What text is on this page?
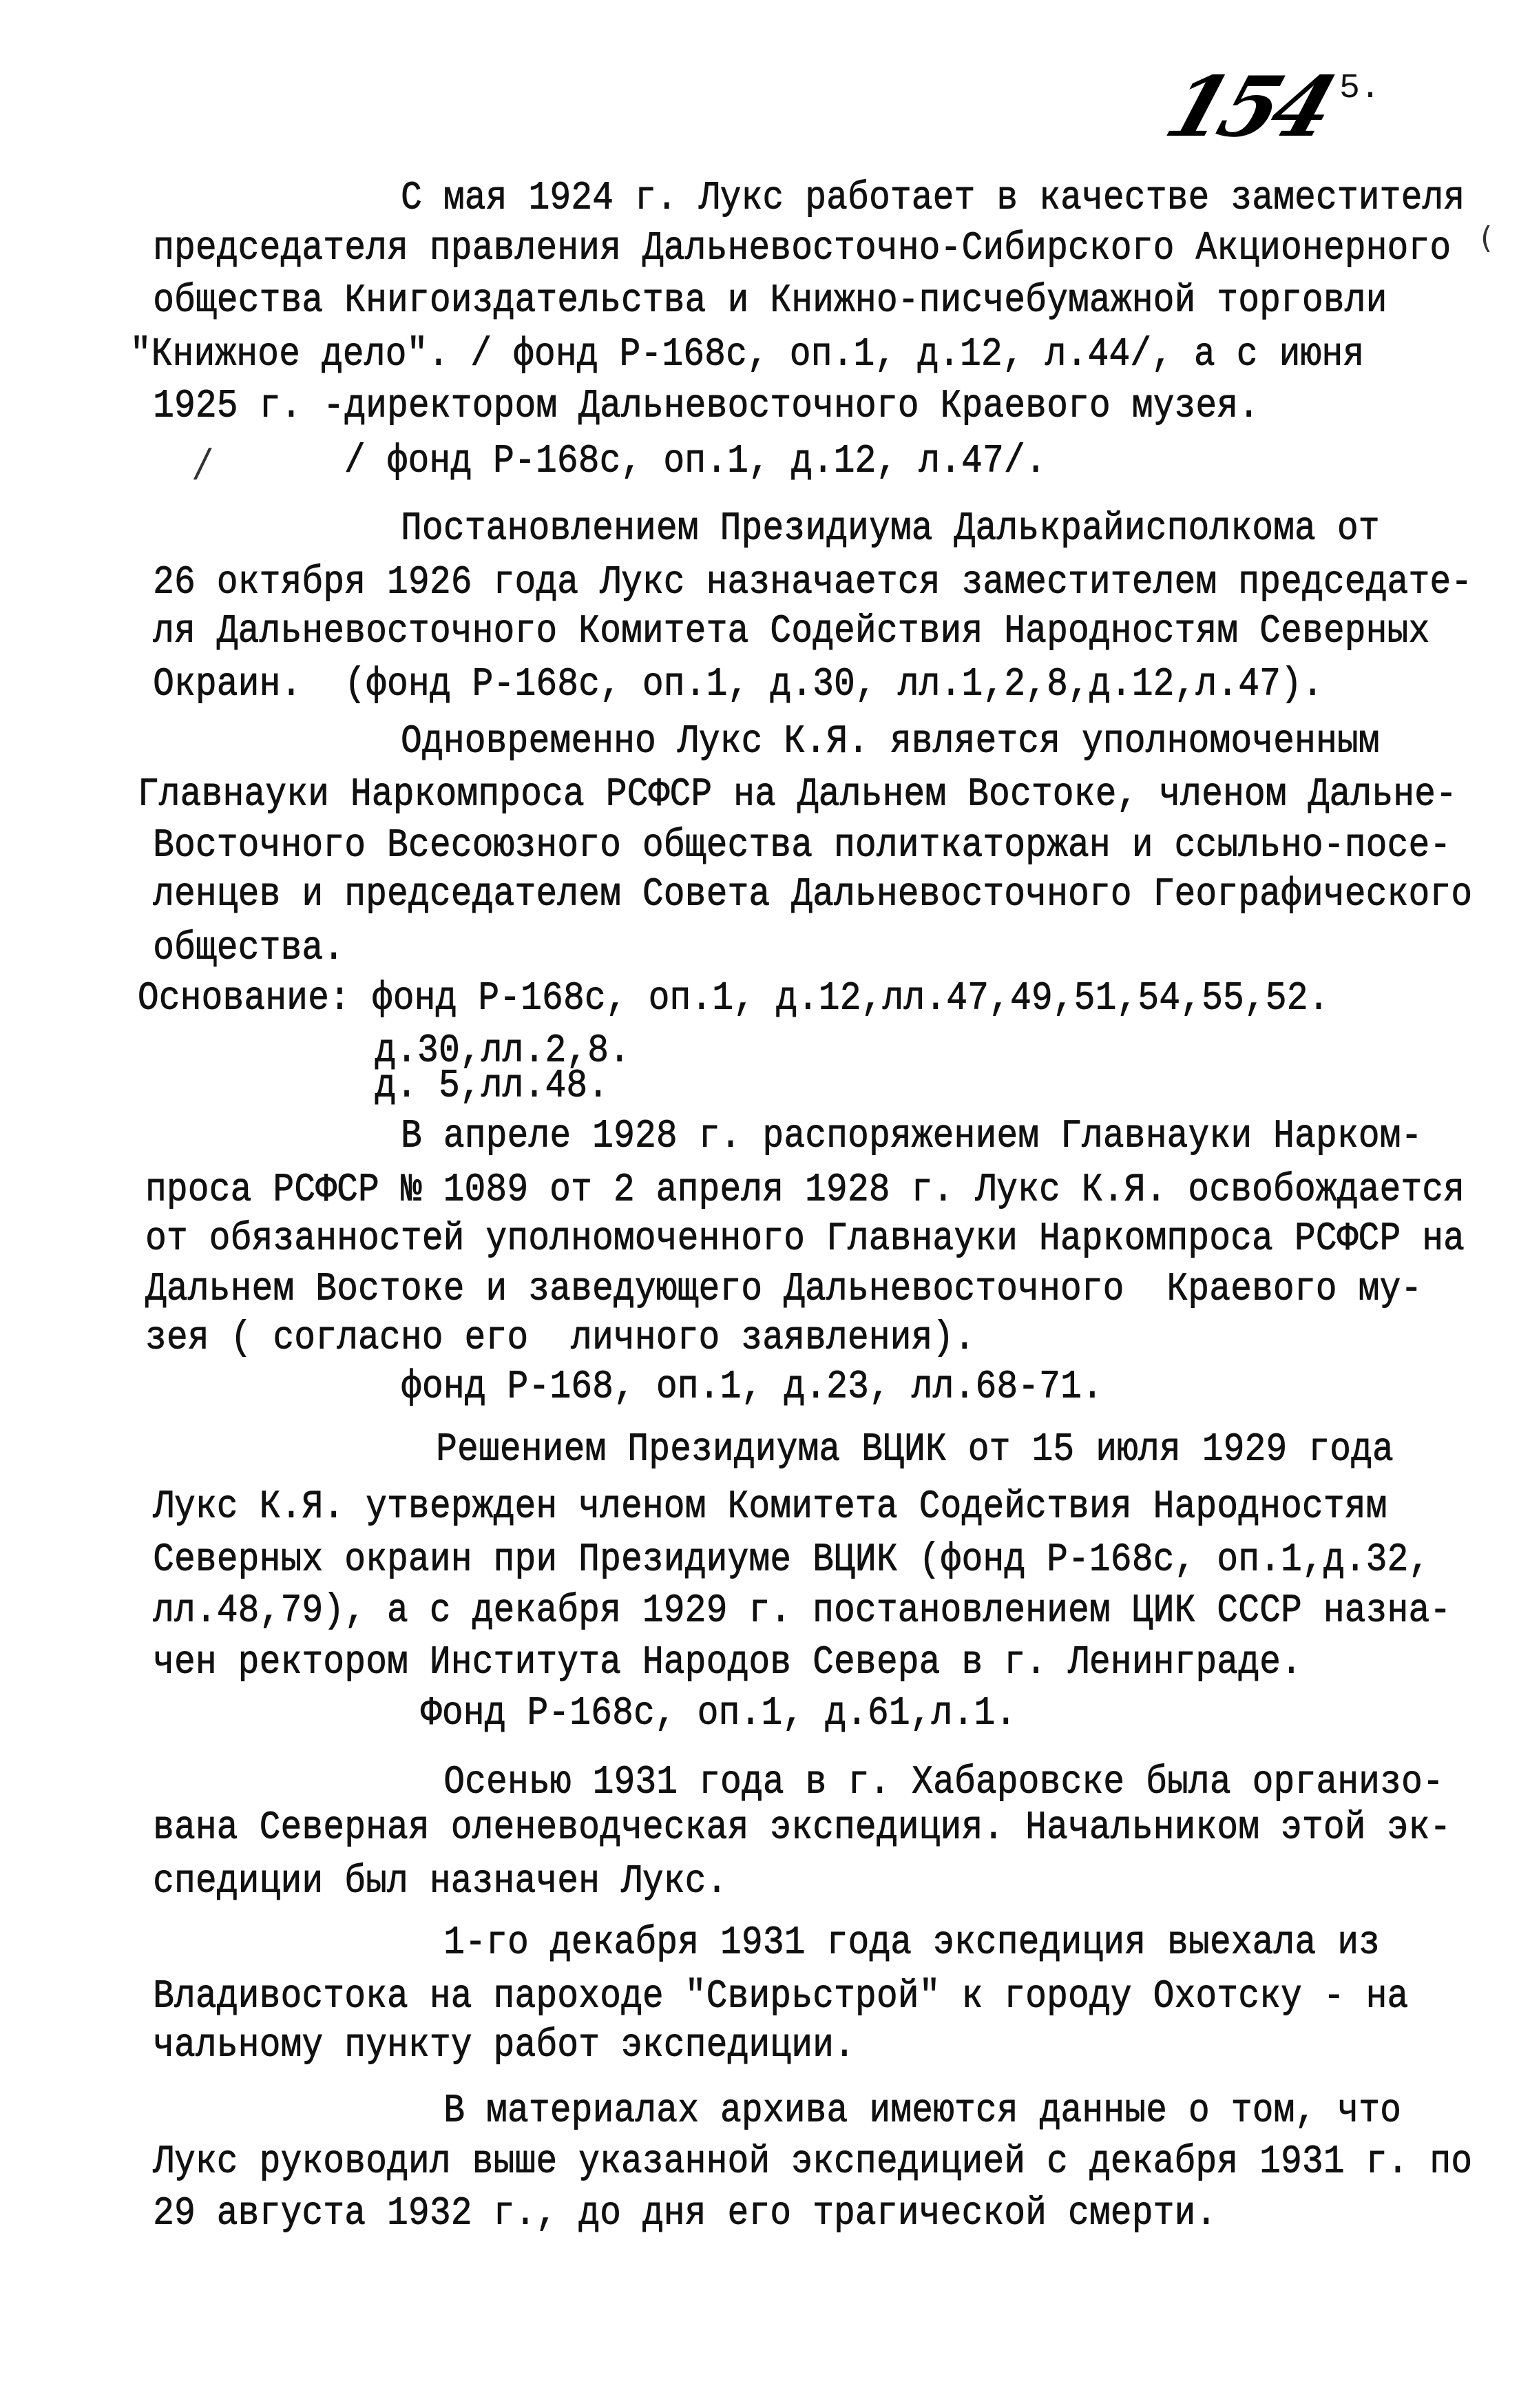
154
5.
/
(
С мая 1924 г. Лукс работает в качестве заместителя
председателя правления Дальневосточно-Сибирского Акционерного
общества Книгоиздательства и Книжно-писчебумажной торговли
"Книжное дело". / фонд Р-168с, оп.1, д.12, л.44/, а с июня
1925 г. -директором Дальневосточного Краевого музея.
/ фонд Р-168с, оп.1, д.12, л.47/.
Постановлением Президиума Далькрайисполкома от
26 октября 1926 года Лукс назначается заместителем председате-
ля Дальневосточного Комитета Содействия Народностям Северных
Окраин.  (фонд Р-168с, оп.1, д.30, лл.1,2,8,д.12,л.47).
Одновременно Лукс К.Я. является уполномоченным
Главнауки Наркомпроса РСФСР на Дальнем Востоке, членом Дальне-
Восточного Всесоюзного общества политкаторжан и ссыльно-посе-
ленцев и председателем Совета Дальневосточного Географического
общества.
Основание: фонд Р-168с, оп.1, д.12,лл.47,49,51,54,55,52.
д.30,лл.2,8.
д. 5,лл.48.
В апреле 1928 г. распоряжением Главнауки Нарком-
проса РСФСР № 1089 от 2 апреля 1928 г. Лукс К.Я. освобождается
от обязанностей уполномоченного Главнауки Наркомпроса РСФСР на
Дальнем Востоке и заведующего Дальневосточного  Краевого му-
зея ( согласно его  личного заявления).
фонд Р-168, оп.1, д.23, лл.68-71.
Решением Президиума ВЦИК от 15 июля 1929 года
Лукс К.Я. утвержден членом Комитета Содействия Народностям
Северных окраин при Президиуме ВЦИК (фонд Р-168с, оп.1,д.32,
лл.48,79), а с декабря 1929 г. постановлением ЦИК СССР назна-
чен ректором Института Народов Севера в г. Ленинграде.
Фонд Р-168с, оп.1, д.61,л.1.
Осенью 1931 года в г. Хабаровске была организо-
вана Северная оленеводческая экспедиция. Начальником этой эк-
спедиции был назначен Лукс.
1-го декабря 1931 года экспедиция выехала из
Владивостока на пароходе "Свирьстрой" к городу Охотску - на
чальному пункту работ экспедиции.
В материалах архива имеются данные о том, что
Лукс руководил выше указанной экспедицией с декабря 1931 г. по
29 августа 1932 г., до дня его трагической смерти.
